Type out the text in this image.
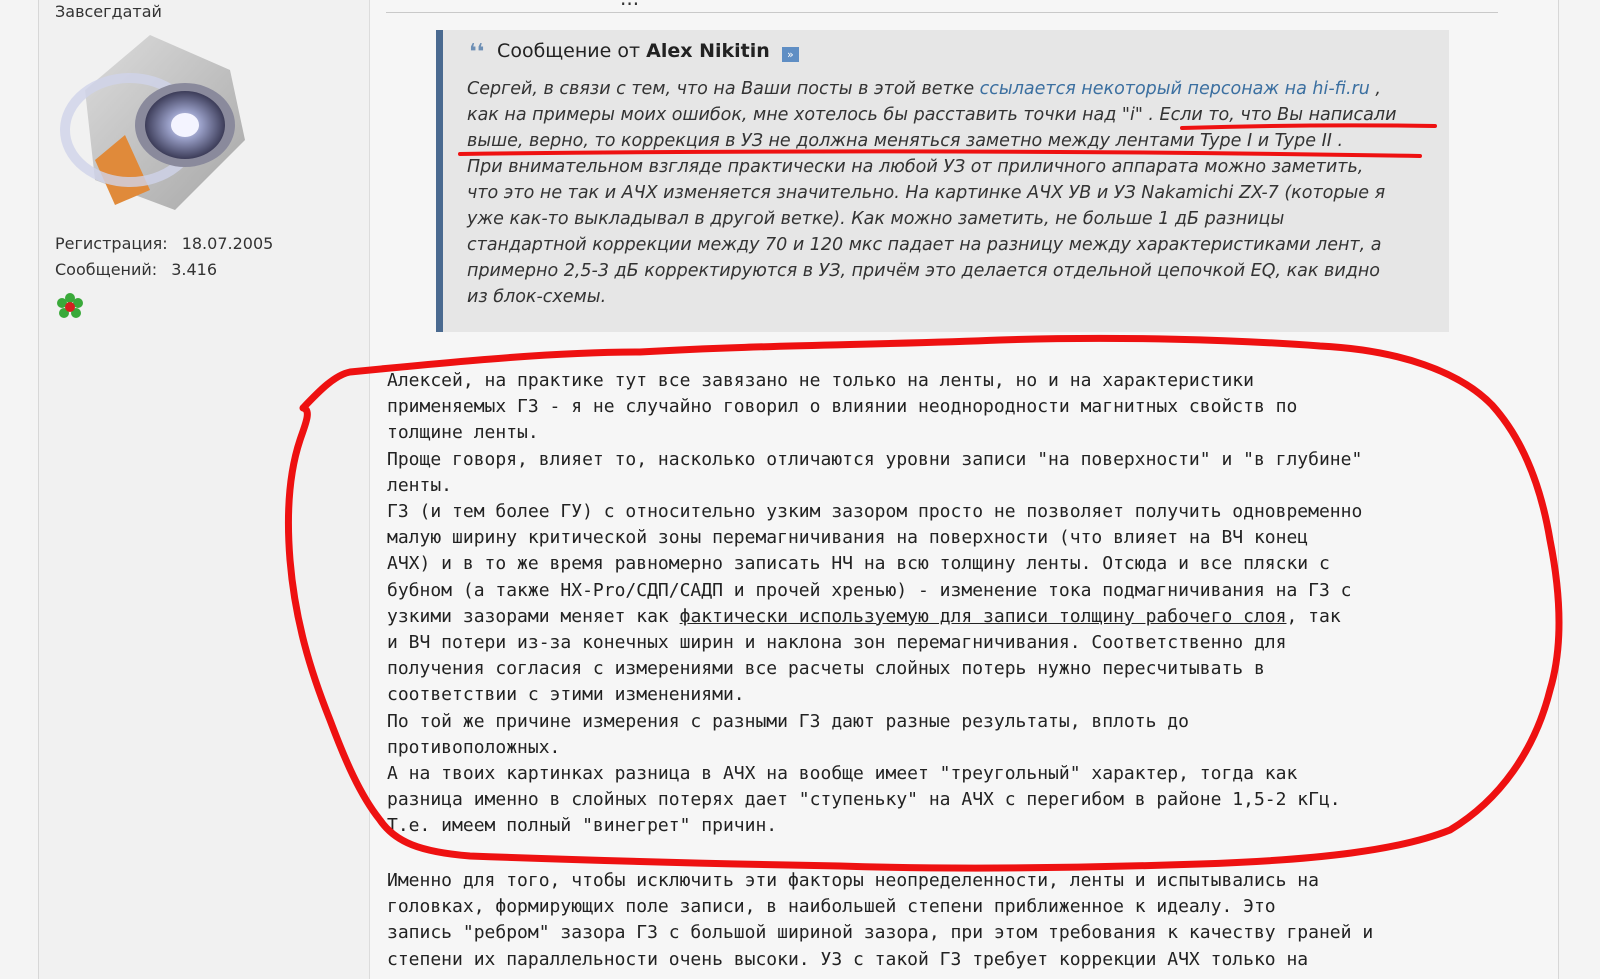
Завсегдатай
Регистрация: 18.07.2005
Сообщений: 3.416
❛❛ Сообщение от Alex Nikitin »
Сергей, в связи с тем, что на Ваши посты в этой ветке ссылается некоторый персонаж на hi-fi.ru ,
как на примеры моих ошибок, мне хотелось бы расставить точки над "i" . Если то, что Вы написали
выше, верно, то коррекция в УЗ не должна меняться заметно между лентами Type I и Type II .
При внимательном взгляде практически на любой УЗ от приличного аппарата можно заметить,
что это не так и АЧХ изменяется значительно. На картинке АЧХ УВ и УЗ Nakamichi ZX-7 (которые я
уже как-то выкладывал в другой ветке). Как можно заметить, не больше 1 дБ разницы
стандартной коррекции между 70 и 120 мкс падает на разницу между характеристиками лент, а
примерно 2,5-3 дБ корректируются в УЗ, причём это делается отдельной цепочкой EQ, как видно
из блок-схемы.

Алексей, на практике тут все завязано не только на ленты, но и на характеристики

применяемых ГЗ - я не случайно говорил о влиянии неоднородности магнитных свойств по

толщине ленты.

Проще говоря, влияет то, насколько отличаются уровни записи "на поверхности" и "в глубине"

ленты.

ГЗ (и тем более ГУ) с относительно узким зазором просто не позволяет получить одновременно

малую ширину критической зоны перемагничивания на поверхности (что влияет на ВЧ конец

АЧХ) и в то же время равномерно записать НЧ на всю толщину ленты. Отсюда и все пляски с

бубном (а также HX-Pro/СДП/САДП и прочей хренью) - изменение тока подмагничивания на ГЗ с

узкими зазорами меняет как фактически используемую для записи толщину рабочего слоя, так

и ВЧ потери из-за конечных ширин и наклона зон перемагничивания. Соответственно для

получения согласия с измерениями все расчеты слойных потерь нужно пересчитывать в

соответствии с этими изменениями.

По той же причине измерения с разными ГЗ дают разные результаты, вплоть до

противоположных.

А на твоих картинках разница в АЧХ на вообще имеет "треугольный" характер, тогда как

разница именно в слойных потерях дает "ступеньку" на АЧХ с перегибом в районе 1,5-2 кГц.

Т.е. имеем полный "винегрет" причин.

Именно для того, чтобы исключить эти факторы неопределенности, ленты и испытывались на

головках, формирующих поле записи, в наибольшей степени приближенное к идеалу. Это

запись "ребром" зазора ГЗ с большой шириной зазора, при этом требования к качеству граней и

степени их параллельности очень высоки. УЗ с такой ГЗ требует коррекции АЧХ только на
